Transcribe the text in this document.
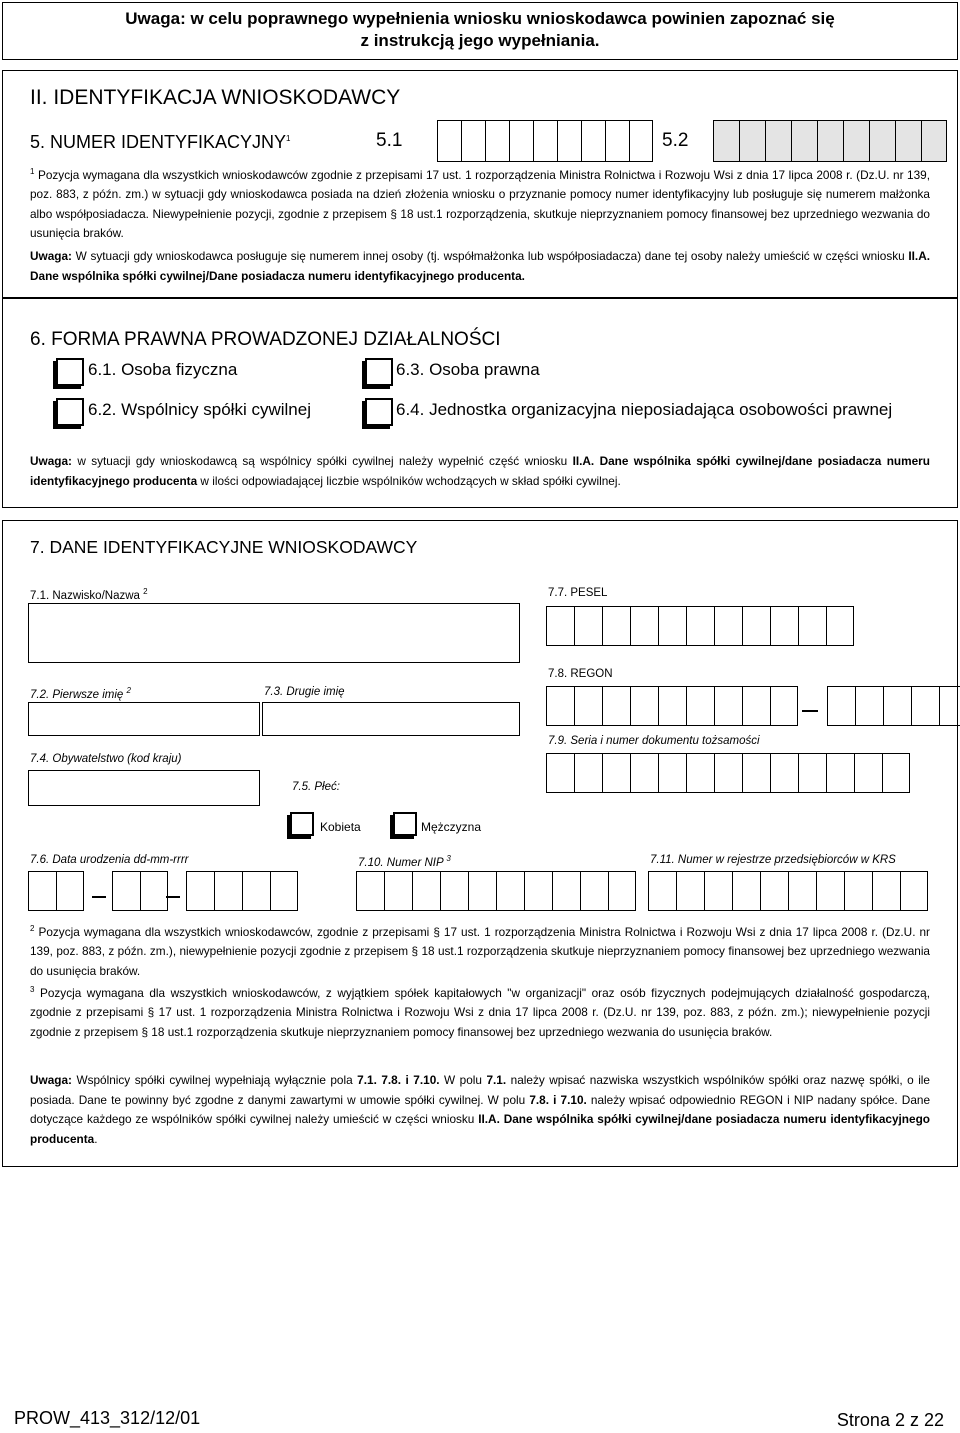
Uwaga: w celu poprawnego wypełnienia wniosku wnioskodawca powinien zapoznać się
z instrukcją jego wypełniania.
II. IDENTYFIKACJA WNIOSKODAWCY
5. NUMER IDENTYFIKACYJNY$^1$	5.1	5.2
$^1$ Pozycja wymagana dla wszystkich wnioskodawców zgodnie z przepisami 17 ust. 1 rozporządzenia Ministra Rolnictwa i Rozwoju Wsi z dnia 17 lipca 2008 r. (Dz.U. nr 139, poz. 883, z późn. zm.) w sytuacji gdy wnioskodawca posiada na dzień złożenia wniosku o przyznanie pomocy numer identyfikacyjny lub posługuje się numerem małżonka albo współposiadacza. Niewypełnienie pozycji, zgodnie z przepisem § 18 ust.1 rozporządzenia, skutkuje nieprzyznaniem pomocy finansowej bez uprzedniego wezwania do usunięcia braków.
Uwaga: W sytuacji gdy wnioskodawca posługuje się numerem innej osoby (tj. współmałżonka lub współposiadacza) dane tej osoby należy umieścić w części wniosku II.A. Dane wspólnika spółki cywilnej/Dane posiadacza numeru identyfikacyjnego producenta.
6. FORMA PRAWNA PROWADZONEJ DZIAŁALNOŚCI
6.1. Osoba fizyczna	6.3. Osoba prawna
6.2. Wspólnicy spółki cywilnej	6.4. Jednostka organizacyjna nieposiadająca osobowości prawnej
Uwaga: w sytuacji gdy wnioskodawcą są wspólnicy spółki cywilnej należy wypełnić część wniosku II.A. Dane wspólnika spółki cywilnej/dane posiadacza numeru identyfikacyjnego producenta w ilości odpowiadającej liczbie wspólników wchodzących w skład spółki cywilnej.
7. DANE IDENTYFIKACYJNE WNIOSKODAWCY
7.1. Nazwisko/Nazwa $^2$	7.7. PESEL
7.8. REGON
7.2. Pierwsze imię $^2$	7.3. Drugie imię
7.9. Seria i numer dokumentu tożsamości
7.4. Obywatelstwo (kod kraju)
7.5. Płeć:
Kobieta	Mężczyzna
7.6. Data urodzenia dd-mm-rrrr	7.10. Numer NIP $^3$	7.11. Numer w rejestrze przedsiębiorców w KRS
$^2$ Pozycja wymagana dla wszystkich wnioskodawców, zgodnie z przepisami § 17 ust. 1 rozporządzenia Ministra Rolnictwa i Rozwoju Wsi z dnia 17 lipca 2008 r. (Dz.U. nr 139, poz. 883, z późn. zm.), niewypełnienie pozycji zgodnie z przepisem § 18 ust.1 rozporządzenia skutkuje nieprzyznaniem pomocy finansowej bez uprzedniego wezwania do usunięcia braków.
$^3$ Pozycja wymagana dla wszystkich wnioskodawców, z wyjątkiem spółek kapitałowych "w organizacji" oraz osób fizycznych podejmujących działalność gospodarczą, zgodnie z przepisami § 17 ust. 1 rozporządzenia Ministra Rolnictwa i Rozwoju Wsi z dnia 17 lipca 2008 r. (Dz.U. nr 139, poz. 883, z późn. zm.); niewypełnienie pozycji zgodnie z przepisem § 18 ust.1 rozporządzenia skutkuje nieprzyznaniem pomocy finansowej bez uprzedniego wezwania do usunięcia braków.
Uwaga: Wspólnicy spółki cywilnej wypełniają wyłącznie pola 7.1. 7.8. i 7.10. W polu 7.1. należy wpisać nazwiska wszystkich wspólników spółki oraz nazwę spółki, o ile posiada. Dane te powinny być zgodne z danymi zawartymi w umowie spółki cywilnej. W polu 7.8. i 7.10. należy wpisać odpowiednio REGON i NIP nadany spółce. Dane dotyczące każdego ze wspólników spółki cywilnej należy umieścić w części wniosku II.A. Dane wspólnika spółki cywilnej/dane posiadacza numeru identyfikacyjnego producenta.
PROW_413_312/12/01	Strona 2 z 22
